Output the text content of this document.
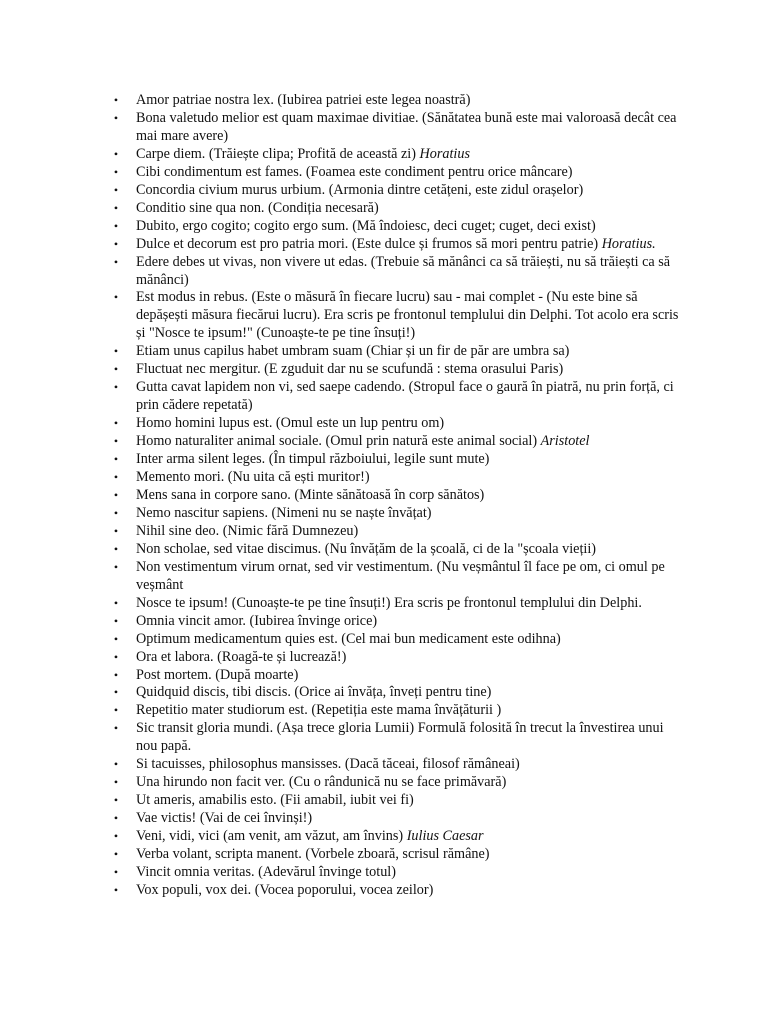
• Amor patriae nostra lex. (Iubirea patriei este legea noastră)
• Bona valetudo melior est quam maximae divitiae. (Sănătatea bună este mai valoroasă decât cea mai mare avere)
• Carpe diem. (Trăiește clipa; Profită de această zi) Horatius
• Cibi condimentum est fames. (Foamea este condiment pentru orice mâncare)
• Concordia civium murus urbium. (Armonia dintre cetățeni, este zidul orașelor)
• Conditio sine qua non. (Condiția necesară)
• Dubito, ergo cogito; cogito ergo sum. (Mă îndoiesc, deci cuget; cuget, deci exist)
• Dulce et decorum est pro patria mori. (Este dulce și frumos să mori pentru patrie) Horatius.
• Edere debes ut vivas, non vivere ut edas. (Trebuie să mănânci ca să trăiești, nu să trăiești ca să mănânci)
• Est modus in rebus. (Este o măsură în fiecare lucru) sau - mai complet - (Nu este bine să depășești măsura fiecărui lucru). Era scris pe frontonul templului din Delphi. Tot acolo era scris și "Nosce te ipsum!" (Cunoaște-te pe tine însuți!)
• Etiam unus capilus habet umbram suam (Chiar și un fir de păr are umbra sa)
• Fluctuat nec mergitur. (E zguduit dar nu se scufundă : stema orasului Paris)
• Gutta cavat lapidem non vi, sed saepe cadendo. (Stropul face o gaură în piatră, nu prin forță, ci prin cădere repetată)
• Homo homini lupus est. (Omul este un lup pentru om)
• Homo naturaliter animal sociale. (Omul prin natură este animal social) Aristotel
• Inter arma silent leges. (În timpul războiului, legile sunt mute)
• Memento mori. (Nu uita că ești muritor!)
• Mens sana in corpore sano. (Minte sănătoasă în corp sănătos)
• Nemo nascitur sapiens. (Nimeni nu se naște învățat)
• Nihil sine deo. (Nimic fără Dumnezeu)
• Non scholae, sed vitae discimus. (Nu învățăm de la școală, ci de la "școala vieții)
• Non vestimentum virum ornat, sed vir vestimentum. (Nu veșmântul îl face pe om, ci omul pe veșmânt
• Nosce te ipsum! (Cunoaște-te pe tine însuți!) Era scris pe frontonul templului din Delphi.
• Omnia vincit amor. (Iubirea învinge orice)
• Optimum medicamentum quies est. (Cel mai bun medicament este odihna)
• Ora et labora. (Roagă-te și lucrează!)
• Post mortem. (După moarte)
• Quidquid discis, tibi discis. (Orice ai învăța, înveți pentru tine)
• Repetitio mater studiorum est. (Repetiția este mama învățăturii )
• Sic transit gloria mundi. (Așa trece gloria Lumii) Formulă folosită în trecut la învestirea unui nou papă.
• Si tacuisses, philosophus mansisses. (Dacă tăceai, filosof rămâneai)
• Una hirundo non facit ver. (Cu o rândunică nu se face primăvară)
• Ut ameris, amabilis esto. (Fii amabil, iubit vei fi)
• Vae victis! (Vai de cei învinși!)
• Veni, vidi, vici (am venit, am văzut, am învins) Iulius Caesar
• Verba volant, scripta manent. (Vorbele zboară, scrisul rămâne)
• Vincit omnia veritas. (Adevărul învinge totul)
• Vox populi, vox dei. (Vocea poporului, vocea zeilor)
